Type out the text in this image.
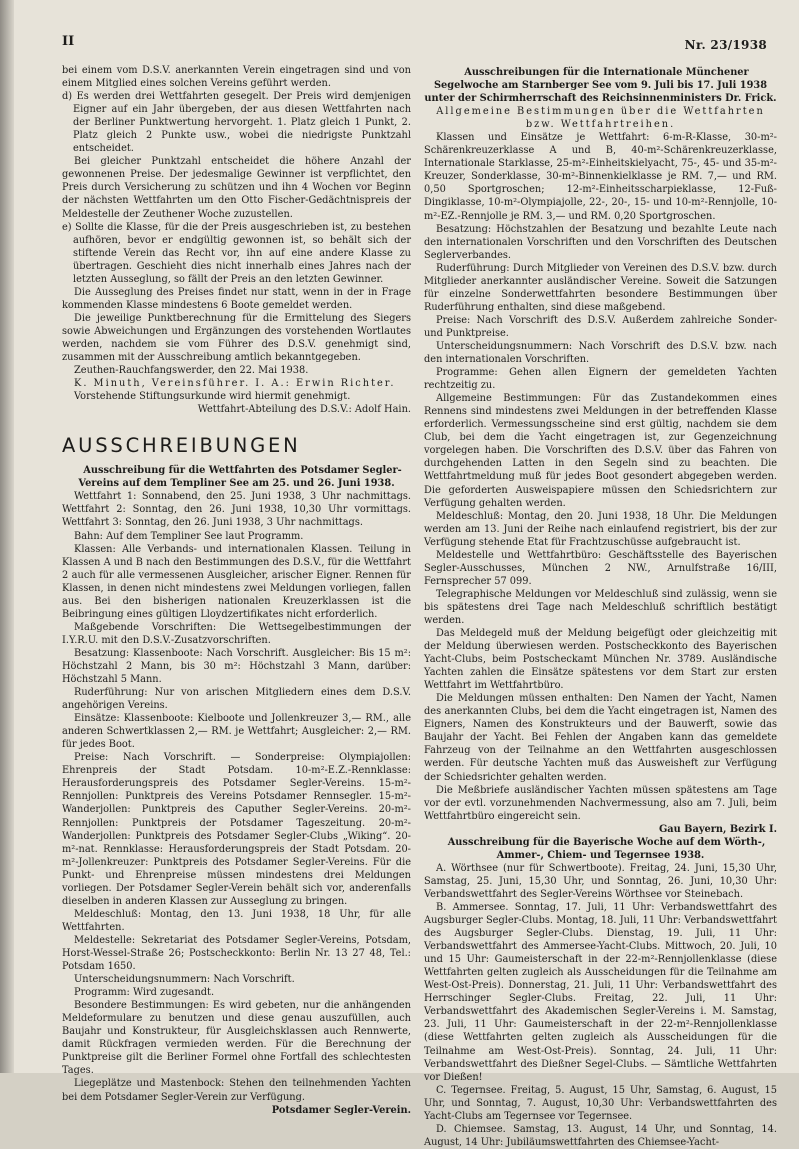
II	Nr. 23/1938

bei einem vom D.S.V. anerkannten Verein eingetragen sind und von einem Mitglied eines solchen Vereins geführt werden.

d) Es werden drei Wettfahrten gesegelt. Der Preis wird demjenigen Eigner auf ein Jahr übergeben, der aus diesen Wettfahrten nach der Berliner Punktwertung hervorgeht. 1. Platz gleich 1 Punkt, 2. Platz gleich 2 Punkte usw., wobei die niedrigste Punktzahl entscheidet.

Bei gleicher Punktzahl entscheidet die höhere Anzahl der gewonnenen Preise. Der jedesmalige Gewinner ist verpflichtet, den Preis durch Versicherung zu schützen und ihn 4 Wochen vor Beginn der nächsten Wettfahrten um den Otto Fischer-Gedächtnispreis der Meldestelle der Zeuthener Woche zuzustellen.

e) Sollte die Klasse, für die der Preis ausgeschrieben ist, zu bestehen aufhören, bevor er endgültig gewonnen ist, so behält sich der stiftende Verein das Recht vor, ihn auf eine andere Klasse zu übertragen. Geschieht dies nicht innerhalb eines Jahres nach der letzten Ausseglung, so fällt der Preis an den letzten Gewinner.

Die Ausseglung des Preises findet nur statt, wenn in der in Frage kommenden Klasse mindestens 6 Boote gemeldet werden.

Die jeweilige Punktberechnung für die Ermittelung des Siegers sowie Abweichungen und Ergänzungen des vorstehenden Wortlautes werden, nachdem sie vom Führer des D.S.V. genehmigt sind, zusammen mit der Ausschreibung amtlich bekanntgegeben.

Zeuthen-Rauchfangswerder, den 22. Mai 1938.

K. Minuth, Vereinsführer. I. A.: Erwin Richter.

Vorstehende Stiftungsurkunde wird hiermit genehmigt.

Wettfahrt-Abteilung des D.S.V.: Adolf Hain.

AUSSCHREIBUNGEN

Ausschreibung für die Wettfahrten des Potsdamer Segler-Vereins auf dem Templiner See am 25. und 26. Juni 1938.

Wettfahrt 1: Sonnabend, den 25. Juni 1938, 3 Uhr nachmittags. Wettfahrt 2: Sonntag, den 26. Juni 1938, 10,30 Uhr vormittags. Wettfahrt 3: Sonntag, den 26. Juni 1938, 3 Uhr nachmittags.

Bahn: Auf dem Templiner See laut Programm.

Klassen: Alle Verbands- und internationalen Klassen. Teilung in Klassen A und B nach den Bestimmungen des D.S.V., für die Wettfahrt 2 auch für alle vermessenen Ausgleicher, arischer Eigner. Rennen für Klassen, in denen nicht mindestens zwei Meldungen vorliegen, fallen aus. Bei den bisherigen nationalen Kreuzerklassen ist die Beibringung eines gültigen Lloydzertifikates nicht erforderlich.

Maßgebende Vorschriften: Die Wettsegelbestimmungen der I.Y.R.U. mit den D.S.V.-Zusatzvorschriften.

Besatzung: Klassenboote: Nach Vorschrift. Ausgleicher: Bis 15 m²: Höchstzahl 2 Mann, bis 30 m²: Höchstzahl 3 Mann, darüber: Höchstzahl 5 Mann.

Ruderführung: Nur von arischen Mitgliedern eines dem D.S.V. angehörigen Vereins.

Einsätze: Klassenboote: Kielboote und Jollenkreuzer 3,— RM., alle anderen Schwertklassen 2,— RM. je Wettfahrt; Ausgleicher: 2,— RM. für jedes Boot.

Preise: Nach Vorschrift. — Sonderpreise: Olympiajollen: Ehrenpreis der Stadt Potsdam. 10-m²-E.Z.-Rennklasse: Herausforderungspreis des Potsdamer Segler-Vereins. 15-m²-Rennjollen: Punktpreis des Vereins Potsdamer Rennsegler. 15-m²-Wanderjollen: Punktpreis des Caputher Segler-Vereins. 20-m²-Rennjollen: Punktpreis der Potsdamer Tageszeitung. 20-m²-Wanderjollen: Punktpreis des Potsdamer Segler-Clubs „Wiking“. 20-m²-nat. Rennklasse: Herausforderungspreis der Stadt Potsdam. 20-m²-Jollenkreuzer: Punktpreis des Potsdamer Segler-Vereins. Für die Punkt- und Ehrenpreise müssen mindestens drei Meldungen vorliegen. Der Potsdamer Segler-Verein behält sich vor, anderenfalls dieselben in anderen Klassen zur Ausseglung zu bringen.

Meldeschluß: Montag, den 13. Juni 1938, 18 Uhr, für alle Wettfahrten.

Meldestelle: Sekretariat des Potsdamer Segler-Vereins, Potsdam, Horst-Wessel-Straße 26; Postscheckkonto: Berlin Nr. 13 27 48, Tel.: Potsdam 1650.

Unterscheidungsnummern: Nach Vorschrift.

Programm: Wird zugesandt.

Besondere Bestimmungen: Es wird gebeten, nur die anhängenden Meldeformulare zu benutzen und diese genau auszufüllen, auch Baujahr und Konstrukteur, für Ausgleichsklassen auch Rennwerte, damit Rückfragen vermieden werden. Für die Berechnung der Punktpreise gilt die Berliner Formel ohne Fortfall des schlechtesten Tages.

Liegeplätze und Mastenbock: Stehen den teilnehmenden Yachten bei dem Potsdamer Segler-Verein zur Verfügung.

Potsdamer Segler-Verein.

Ausschreibungen für die Internationale Münchener Segelwoche am Starnberger See vom 9. Juli bis 17. Juli 1938 unter der Schirmherrschaft des Reichsinnenministers Dr. Frick.

Allgemeine Bestimmungen über die Wettfahrten bzw. Wettfahrtreihen.

Klassen und Einsätze je Wettfahrt: 6-m-R-Klasse, 30-m²-Schärenkreuzerklasse A und B, 40-m²-Schärenkreuzerklasse, Internationale Starklasse, 25-m²-Einheitskielyacht, 75-, 45- und 35-m²-Kreuzer, Sonderklasse, 30-m²-Binnenkielklasse je RM. 7,— und RM. 0,50 Sportgroschen; 12-m²-Einheitsscharpieklasse, 12-Fuß-Dingiklasse, 10-m²-Olympiajolle, 22-, 20-, 15- und 10-m²-Rennjolle, 10-m²-EZ.-Rennjolle je RM. 3,— und RM. 0,20 Sportgroschen.

Besatzung: Höchstzahlen der Besatzung und bezahlte Leute nach den internationalen Vorschriften und den Vorschriften des Deutschen Seglerverbandes.

Ruderführung: Durch Mitglieder von Vereinen des D.S.V. bzw. durch Mitglieder anerkannter ausländischer Vereine. Soweit die Satzungen für einzelne Sonderwettfahrten besondere Bestimmungen über Ruderführung enthalten, sind diese maßgebend.

Preise: Nach Vorschrift des D.S.V. Außerdem zahlreiche Sonder- und Punktpreise.

Unterscheidungsnummern: Nach Vorschrift des D.S.V. bzw. nach den internationalen Vorschriften.

Programme: Gehen allen Eignern der gemeldeten Yachten rechtzeitig zu.

Allgemeine Bestimmungen: Für das Zustandekommen eines Rennens sind mindestens zwei Meldungen in der betreffenden Klasse erforderlich. Vermessungsscheine sind erst gültig, nachdem sie dem Club, bei dem die Yacht eingetragen ist, zur Gegenzeichnung vorgelegen haben. Die Vorschriften des D.S.V. über das Fahren von durchgehenden Latten in den Segeln sind zu beachten. Die Wettfahrtmeldung muß für jedes Boot gesondert abgegeben werden. Die geforderten Ausweispapiere müssen den Schiedsrichtern zur Verfügung gehalten werden.

Meldeschluß: Montag, den 20. Juni 1938, 18 Uhr. Die Meldungen werden am 13. Juni der Reihe nach einlaufend registriert, bis der zur Verfügung stehende Etat für Frachtzuschüsse aufgebraucht ist.

Meldestelle und Wettfahrtbüro: Geschäftsstelle des Bayerischen Segler-Ausschusses, München 2 NW., Arnulfstraße 16/III, Fernsprecher 57 099.

Telegraphische Meldungen vor Meldeschluß sind zulässig, wenn sie bis spätestens drei Tage nach Meldeschluß schriftlich bestätigt werden.

Das Meldegeld muß der Meldung beigefügt oder gleichzeitig mit der Meldung überwiesen werden. Postscheckkonto des Bayerischen Yacht-Clubs, beim Postscheckamt München Nr. 3789. Ausländische Yachten zahlen die Einsätze spätestens vor dem Start zur ersten Wettfahrt im Wettfahrtbüro.

Die Meldungen müssen enthalten: Den Namen der Yacht, Namen des anerkannten Clubs, bei dem die Yacht eingetragen ist, Namen des Eigners, Namen des Konstrukteurs und der Bauwerft, sowie das Baujahr der Yacht. Bei Fehlen der Angaben kann das gemeldete Fahrzeug von der Teilnahme an den Wettfahrten ausgeschlossen werden. Für deutsche Yachten muß das Ausweisheft zur Verfügung der Schiedsrichter gehalten werden.

Die Meßbriefe ausländischer Yachten müssen spätestens am Tage vor der evtl. vorzunehmenden Nachvermessung, also am 7. Juli, beim Wettfahrtbüro eingereicht sein.

Gau Bayern, Bezirk I.

Ausschreibung für die Bayerische Woche auf dem Wörth-, Ammer-, Chiem- und Tegernsee 1938.

A. Wörthsee (nur für Schwertboote). Freitag, 24. Juni, 15,30 Uhr, Samstag, 25. Juni, 15,30 Uhr, und Sonntag, 26. Juni, 10,30 Uhr: Verbandswettfahrt des Segler-Vereins Wörthsee vor Steinebach.

B. Ammersee. Sonntag, 17. Juli, 11 Uhr: Verbandswettfahrt des Augsburger Segler-Clubs. Montag, 18. Juli, 11 Uhr: Verbandswettfahrt des Augsburger Segler-Clubs. Dienstag, 19. Juli, 11 Uhr: Verbandswettfahrt des Ammersee-Yacht-Clubs. Mittwoch, 20. Juli, 10 und 15 Uhr: Gaumeisterschaft in der 22-m²-Rennjollenklasse (diese Wettfahrten gelten zugleich als Ausscheidungen für die Teilnahme am West-Ost-Preis). Donnerstag, 21. Juli, 11 Uhr: Verbandswettfahrt des Herrschinger Segler-Clubs. Freitag, 22. Juli, 11 Uhr: Verbandswettfahrt des Akademischen Segler-Vereins i. M. Samstag, 23. Juli, 11 Uhr: Gaumeisterschaft in der 22-m²-Rennjollenklasse (diese Wettfahrten gelten zugleich als Ausscheidungen für die Teilnahme am West-Ost-Preis). Sonntag, 24. Juli, 11 Uhr: Verbandswettfahrt des Dießner Segel-Clubs. — Sämtliche Wettfahrten vor Dießen!

C. Tegernsee. Freitag, 5. August, 15 Uhr, Samstag, 6. August, 15 Uhr, und Sonntag, 7. August, 10,30 Uhr: Verbandswettfahrten des Yacht-Clubs am Tegernsee vor Tegernsee.

D. Chiemsee. Samstag, 13. August, 14 Uhr, und Sonntag, 14. August, 14 Uhr: Jubiläumswettfahrten des Chiemsee-Yacht-
